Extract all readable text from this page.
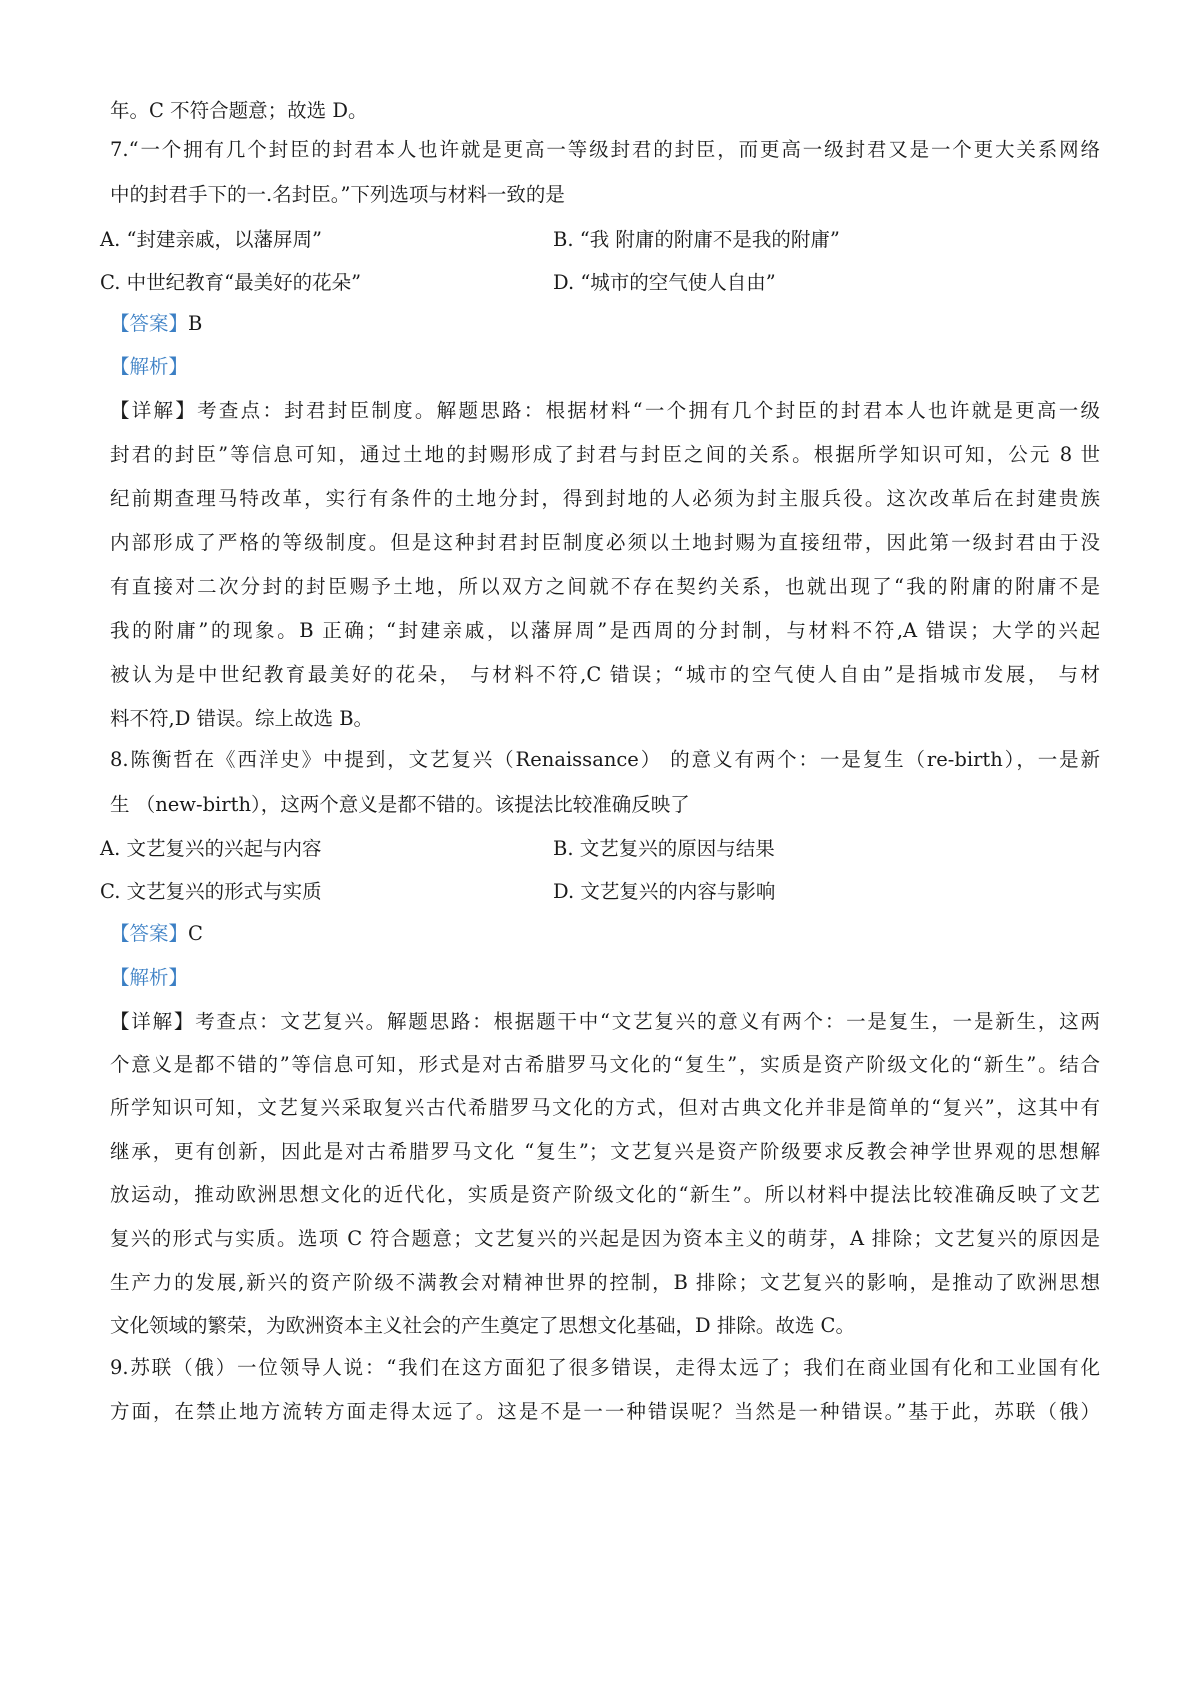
年。C 不符合题意；故选 D。
7.“一个拥有几个封臣的封君本人也许就是更高一等级封君的封臣，而更高一级封君又是一个更大关系网络
中的封君手下的一.名封臣。”下列选项与材料一致的是
A. “封建亲戚，以藩屏周”	B. “我 附庸的附庸不是我的附庸”
C. 中世纪教育“最美好的花朵”	D. “城市的空气使人自由”
【答案】B
【解析】
【详解】考查点：封君封臣制度。解题思路：根据材料“一个拥有几个封臣的封君本人也许就是更高一级
封君的封臣”等信息可知，通过土地的封赐形成了封君与封臣之间的关系。根据所学知识可知，公元 8 世
纪前期查理马特改革，实行有条件的土地分封，得到封地的人必须为封主服兵役。这次改革后在封建贵族
内部形成了严格的等级制度。但是这种封君封臣制度必须以土地封赐为直接纽带，因此第一级封君由于没
有直接对二次分封的封臣赐予土地，所以双方之间就不存在契约关系，也就出现了“我的附庸的附庸不是
我的附庸”的现象。B 正确；“封建亲戚，以藩屏周”是西周的分封制，与材料不符,A 错误；大学的兴起
被认为是中世纪教育最美好的花朵， 与材料不符,C 错误；“城市的空气使人自由”是指城市发展， 与材
料不符,D 错误。综上故选 B。
8.陈衡哲在《西洋史》中提到，文艺复兴（Renaissance） 的意义有两个：一是复生（re-birth），一是新
生 （new-birth），这两个意义是都不错的。该提法比较准确反映了
A. 文艺复兴的兴起与内容	B. 文艺复兴的原因与结果
C. 文艺复兴的形式与实质	D. 文艺复兴的内容与影响
【答案】C
【解析】
【详解】考查点：文艺复兴。解题思路：根据题干中“文艺复兴的意义有两个：一是复生，一是新生，这两
个意义是都不错的”等信息可知，形式是对古希腊罗马文化的“复生”，实质是资产阶级文化的“新生”。结合
所学知识可知，文艺复兴采取复兴古代希腊罗马文化的方式，但对古典文化并非是简单的“复兴”，这其中有
继承，更有创新，因此是对古希腊罗马文化 “复生”；文艺复兴是资产阶级要求反教会神学世界观的思想解
放运动，推动欧洲思想文化的近代化，实质是资产阶级文化的“新生”。所以材料中提法比较准确反映了文艺
复兴的形式与实质。选项 C 符合题意；文艺复兴的兴起是因为资本主义的萌芽，A 排除；文艺复兴的原因是
生产力的发展,新兴的资产阶级不满教会对精神世界的控制，B 排除；文艺复兴的影响，是推动了欧洲思想
文化领域的繁荣，为欧洲资本主义社会的产生奠定了思想文化基础，D 排除。故选 C。
9.苏联（俄）一位领导人说：“我们在这方面犯了很多错误，走得太远了；我们在商业国有化和工业国有化
方面，在禁止地方流转方面走得太远了。这是不是一一种错误呢？当然是一种错误。”基于此，苏联（俄）
